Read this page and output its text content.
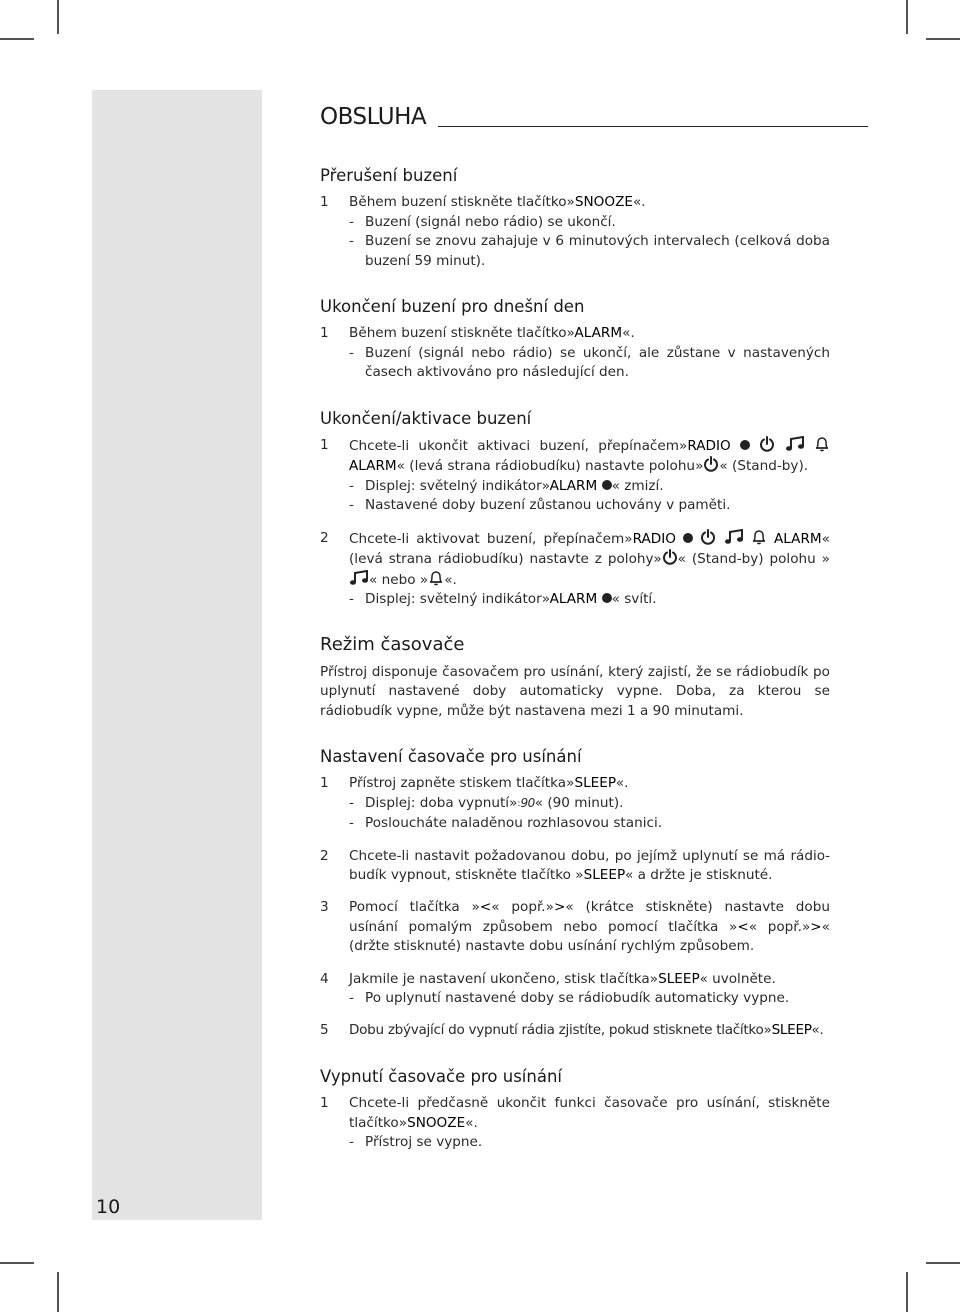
10
OBSLUHA
Přerušení buzení
1	Během buzení stiskněte tlačítko»SNOOZE«.
- Buzení (signál nebo rádio) se ukončí.
- Buzení se znovu zahajuje v 6 minutových intervalech (celková doba buzení 59 minut).
Ukončení buzení pro dnešní den
1	Během buzení stiskněte tlačítko»ALARM«.
- Buzení (signál nebo rádio) se ukončí, ale zůstane v nastavených časech aktivováno pro následující den.
Ukončení/aktivace buzení
1	Chcete-li ukončit aktivaci buzení, přepínačem»RADIO     ALARM« (levá strana rádiobudíku) nastavte polohu» « (Stand-by).
- Displej: světelný indikátor»ALARM « zmizí.
- Nastavené doby buzení zůstanou uchovány v paměti.
2	Chcete-li aktivovat buzení, přepínačem»RADIO	ALARM« (levá strana rádiobudíku) nastavte z polohy» « (Stand-by) polohu »« nebo » «.
- Displej: světelný indikátor»ALARM « svítí.
Režim časovače

Přístroj disponuje časovačem pro usínání, který zajistí, že se rádiobudík po uplynutí nastavené doby automaticky vypne. Doba, za kterou se rádiobudík vypne, může být nastavena mezi 1 a 90 minutami.

Nastavení časovače pro usínání
1	Přístroj zapněte stiskem tlačítka»SLEEP«.
- Displej: doba vypnutí»:90« (90 minut).
- Posloucháte naladěnou rozhlasovou stanici.
2	Chcete-li nastavit požadovanou dobu, po jejímž uplynutí se má rádiobudík vypnout, stiskněte tlačítko »SLEEP« a držte je stisknuté.
3	Pomocí tlačítka »<« popř.»>« (krátce stiskněte) nastavte dobu usínání pomalým způsobem nebo pomocí tlačítka »<« popř.»>« (držte stisknuté) nastavte dobu usínání rychlým způsobem.
4	Jakmile je nastavení ukončeno, stisk tlačítka»SLEEP« uvolněte.
- Po uplynutí nastavené doby se rádiobudík automaticky vypne.
5	Dobu zbývající do vypnutí rádia zjistíte, pokud stisknete tlačítko»SLEEP«.
Vypnutí časovače pro usínání
1	Chcete-li předčasně ukončit funkci časovače pro usínání, stiskněte tlačítko»SNOOZE«.
- Přístroj se vypne.
